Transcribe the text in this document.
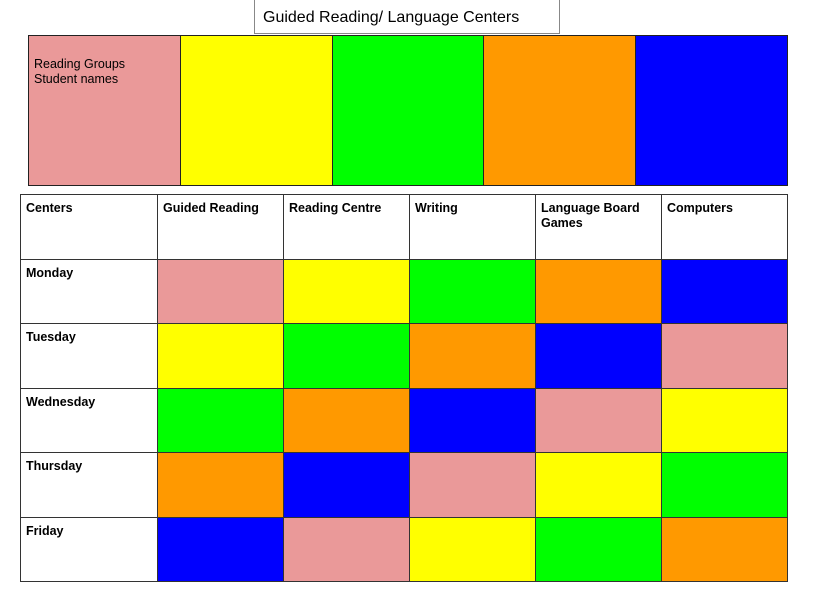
Guided Reading/ Language Centers
Reading Groups
Student names
Centers	Guided Reading	Reading Centre	Writing	Language Board Games	Computers
Monday					
Tuesday					
Wednesday					
Thursday					
Friday					
